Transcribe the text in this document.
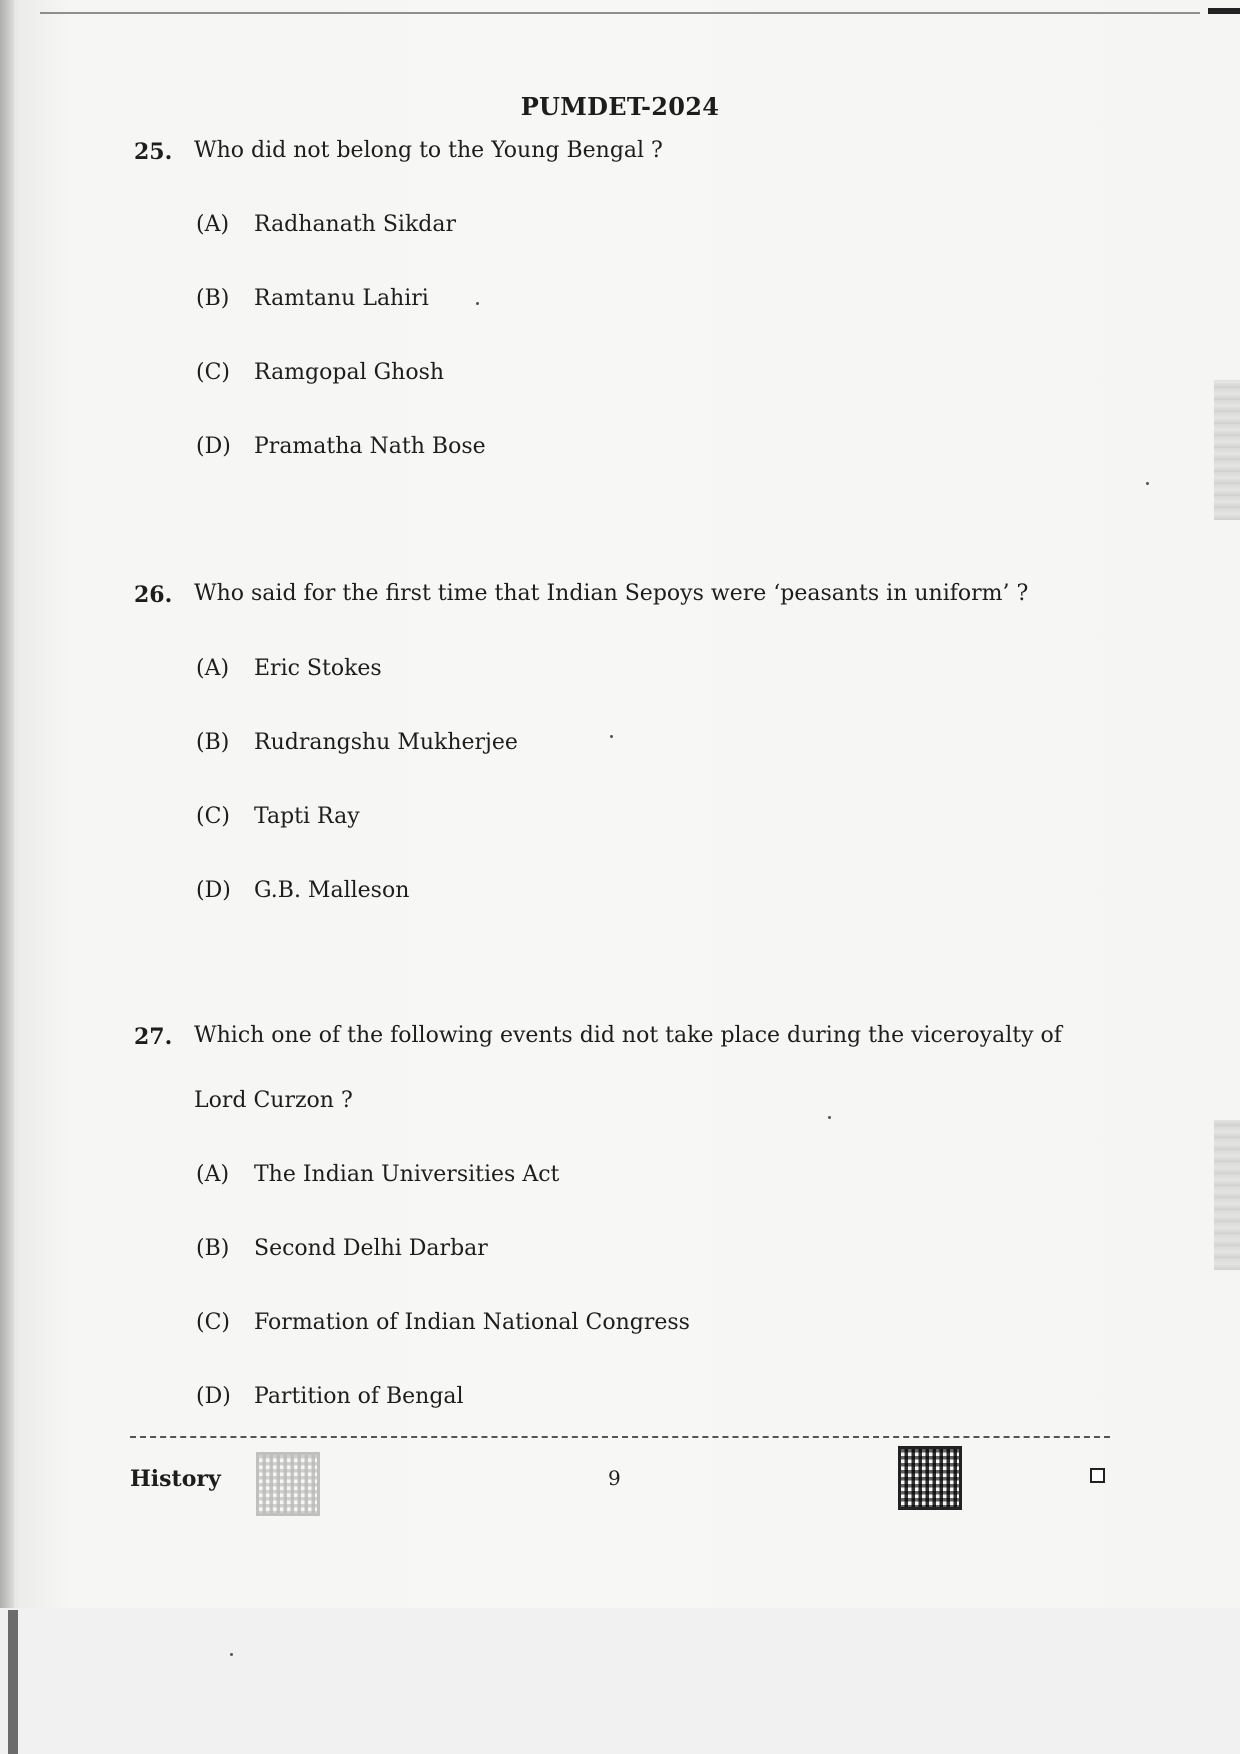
PUMDET-2024
25. Who did not belong to the Young Bengal ?
(A) Radhanath Sikdar
(B) Ramtanu Lahiri
(C) Ramgopal Ghosh
(D) Pramatha Nath Bose
26. Who said for the first time that Indian Sepoys were ‘peasants in uniform’ ?
(A) Eric Stokes
(B) Rudrangshu Mukherjee
(C) Tapti Ray
(D) G.B. Malleson
27. Which one of the following events did not take place during the viceroyalty of Lord Curzon ?
(A) The Indian Universities Act
(B) Second Delhi Darbar
(C) Formation of Indian National Congress
(D) Partition of Bengal
History	9
